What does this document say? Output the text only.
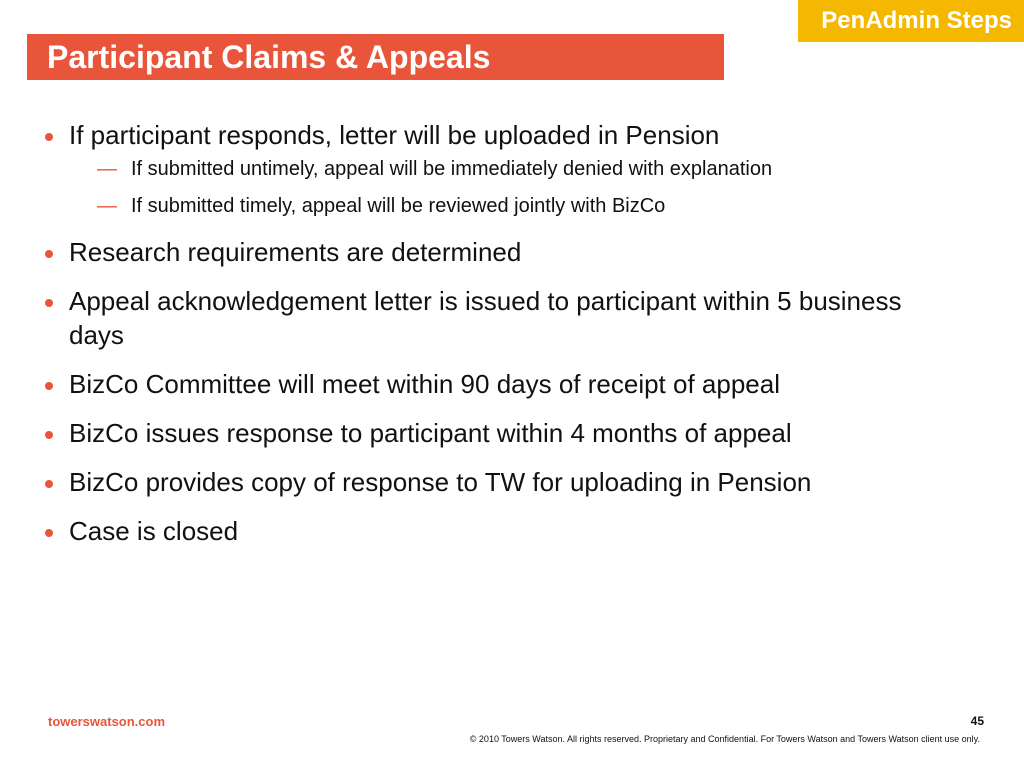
PenAdmin Steps
Participant Claims & Appeals
If participant responds, letter will be uploaded in Pension
— If submitted untimely, appeal will be immediately denied with explanation
— If submitted timely, appeal will be reviewed jointly with BizCo
Research requirements are determined
Appeal acknowledgement letter is issued to participant within 5 business days
BizCo Committee will meet within 90 days of receipt of appeal
BizCo issues response to participant within 4 months of appeal
BizCo provides copy of response to TW for uploading in Pension
Case is closed
towerswatson.com	45
© 2010 Towers Watson. All rights reserved. Proprietary and Confidential. For Towers Watson and Towers Watson client use only.
